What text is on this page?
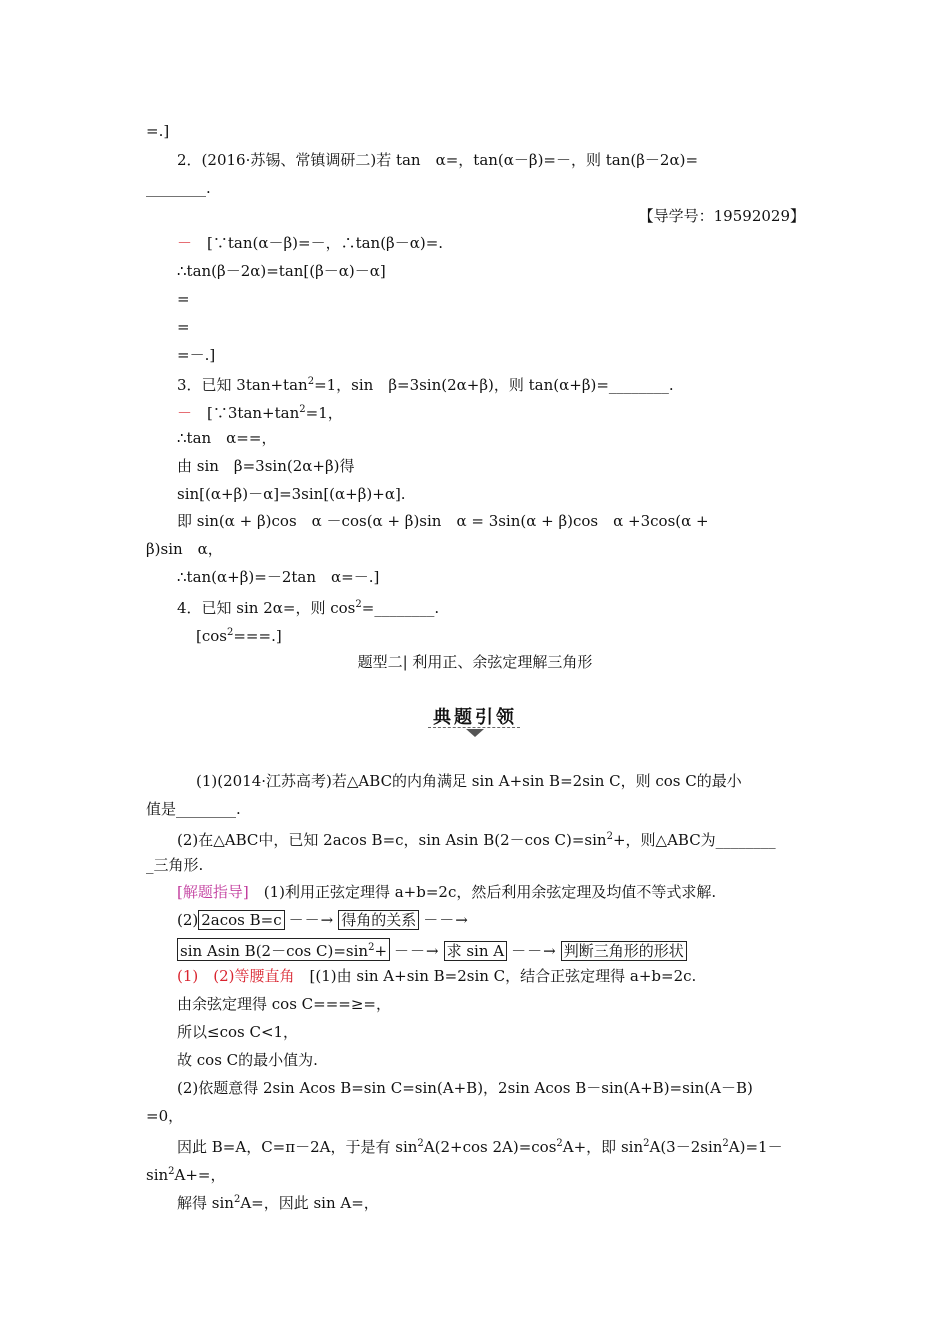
=.]
2．(2016·苏锡、常镇调研二)若 tan　α=，tan(α－β)=－，则 tan(β－2α)=
________.
【导学号：19592029】
－　[∵tan(α－β)=－，∴tan(β－α)=.
∴tan(β－2α)=tan[(β－α)－α]
=
=
=－.]
3．已知 $3\tan+\tan^2=1$，sin　β=3sin(2α+β)，则 tan(α+β)=________.
－　[$\because 3\tan+\tan^2=1$，
∴tan　α==，
由 sin　β=3sin(2α+β)得
sin[(α+β)－α]=3sin[(α+β)+α].
即 sin(α + β)cos　α －cos(α + β)sin　α = 3sin(α + β)cos　α +3cos(α +
β)sin　α，
∴tan(α+β)=－2tan　α=－.]
4．已知 sin 2α=，则 $\cos^2=\_\_\_\_\_\_\_\_$.
$[\cos^2===.]$
题型二| 利用正、余弦定理解三角形
典题引领
(1)(2014·江苏高考)若△ABC的内角满足 sin A+sin B=2sin C，则 cos C的最小
值是________.
(2)在△ABC中，已知 2acos B=c，sin Asin B(2－cos $C)=\sin^2+$，则△ABC为________
_三角形.
[解题指导]　(1)利用正弦定理得 a+b=2c，然后利用余弦定理及均值不等式求解.
(2) 2acos B=c －－→ 得角的关系 －－→
sin Asin B(2－cos $C)=\sin^2+$ －－→ 求 sin A －－→ 判断三角形的形状
(1)　(2)等腰直角　[(1)由 sin A+sin B=2sin C，结合正弦定理得 a+b=2c.
由余弦定理得 cos C===≥=，
所以≤cos C<1，
故 cos C的最小值为.
(2)依题意得 2sin Acos B=sin C=sin(A+B)，2sin Acos B－sin(A+B)=sin(A－B)
=0，
因此 B=A，C=π－2A，于是有 $\sin^2A(2+\cos$ $2A)=\cos^2A+$，即 $\sin^2A(3-2\sin^2A)=1-$
$\sin^2A+=$，
解得 $\sin^2A=$，因此 sin A=，
